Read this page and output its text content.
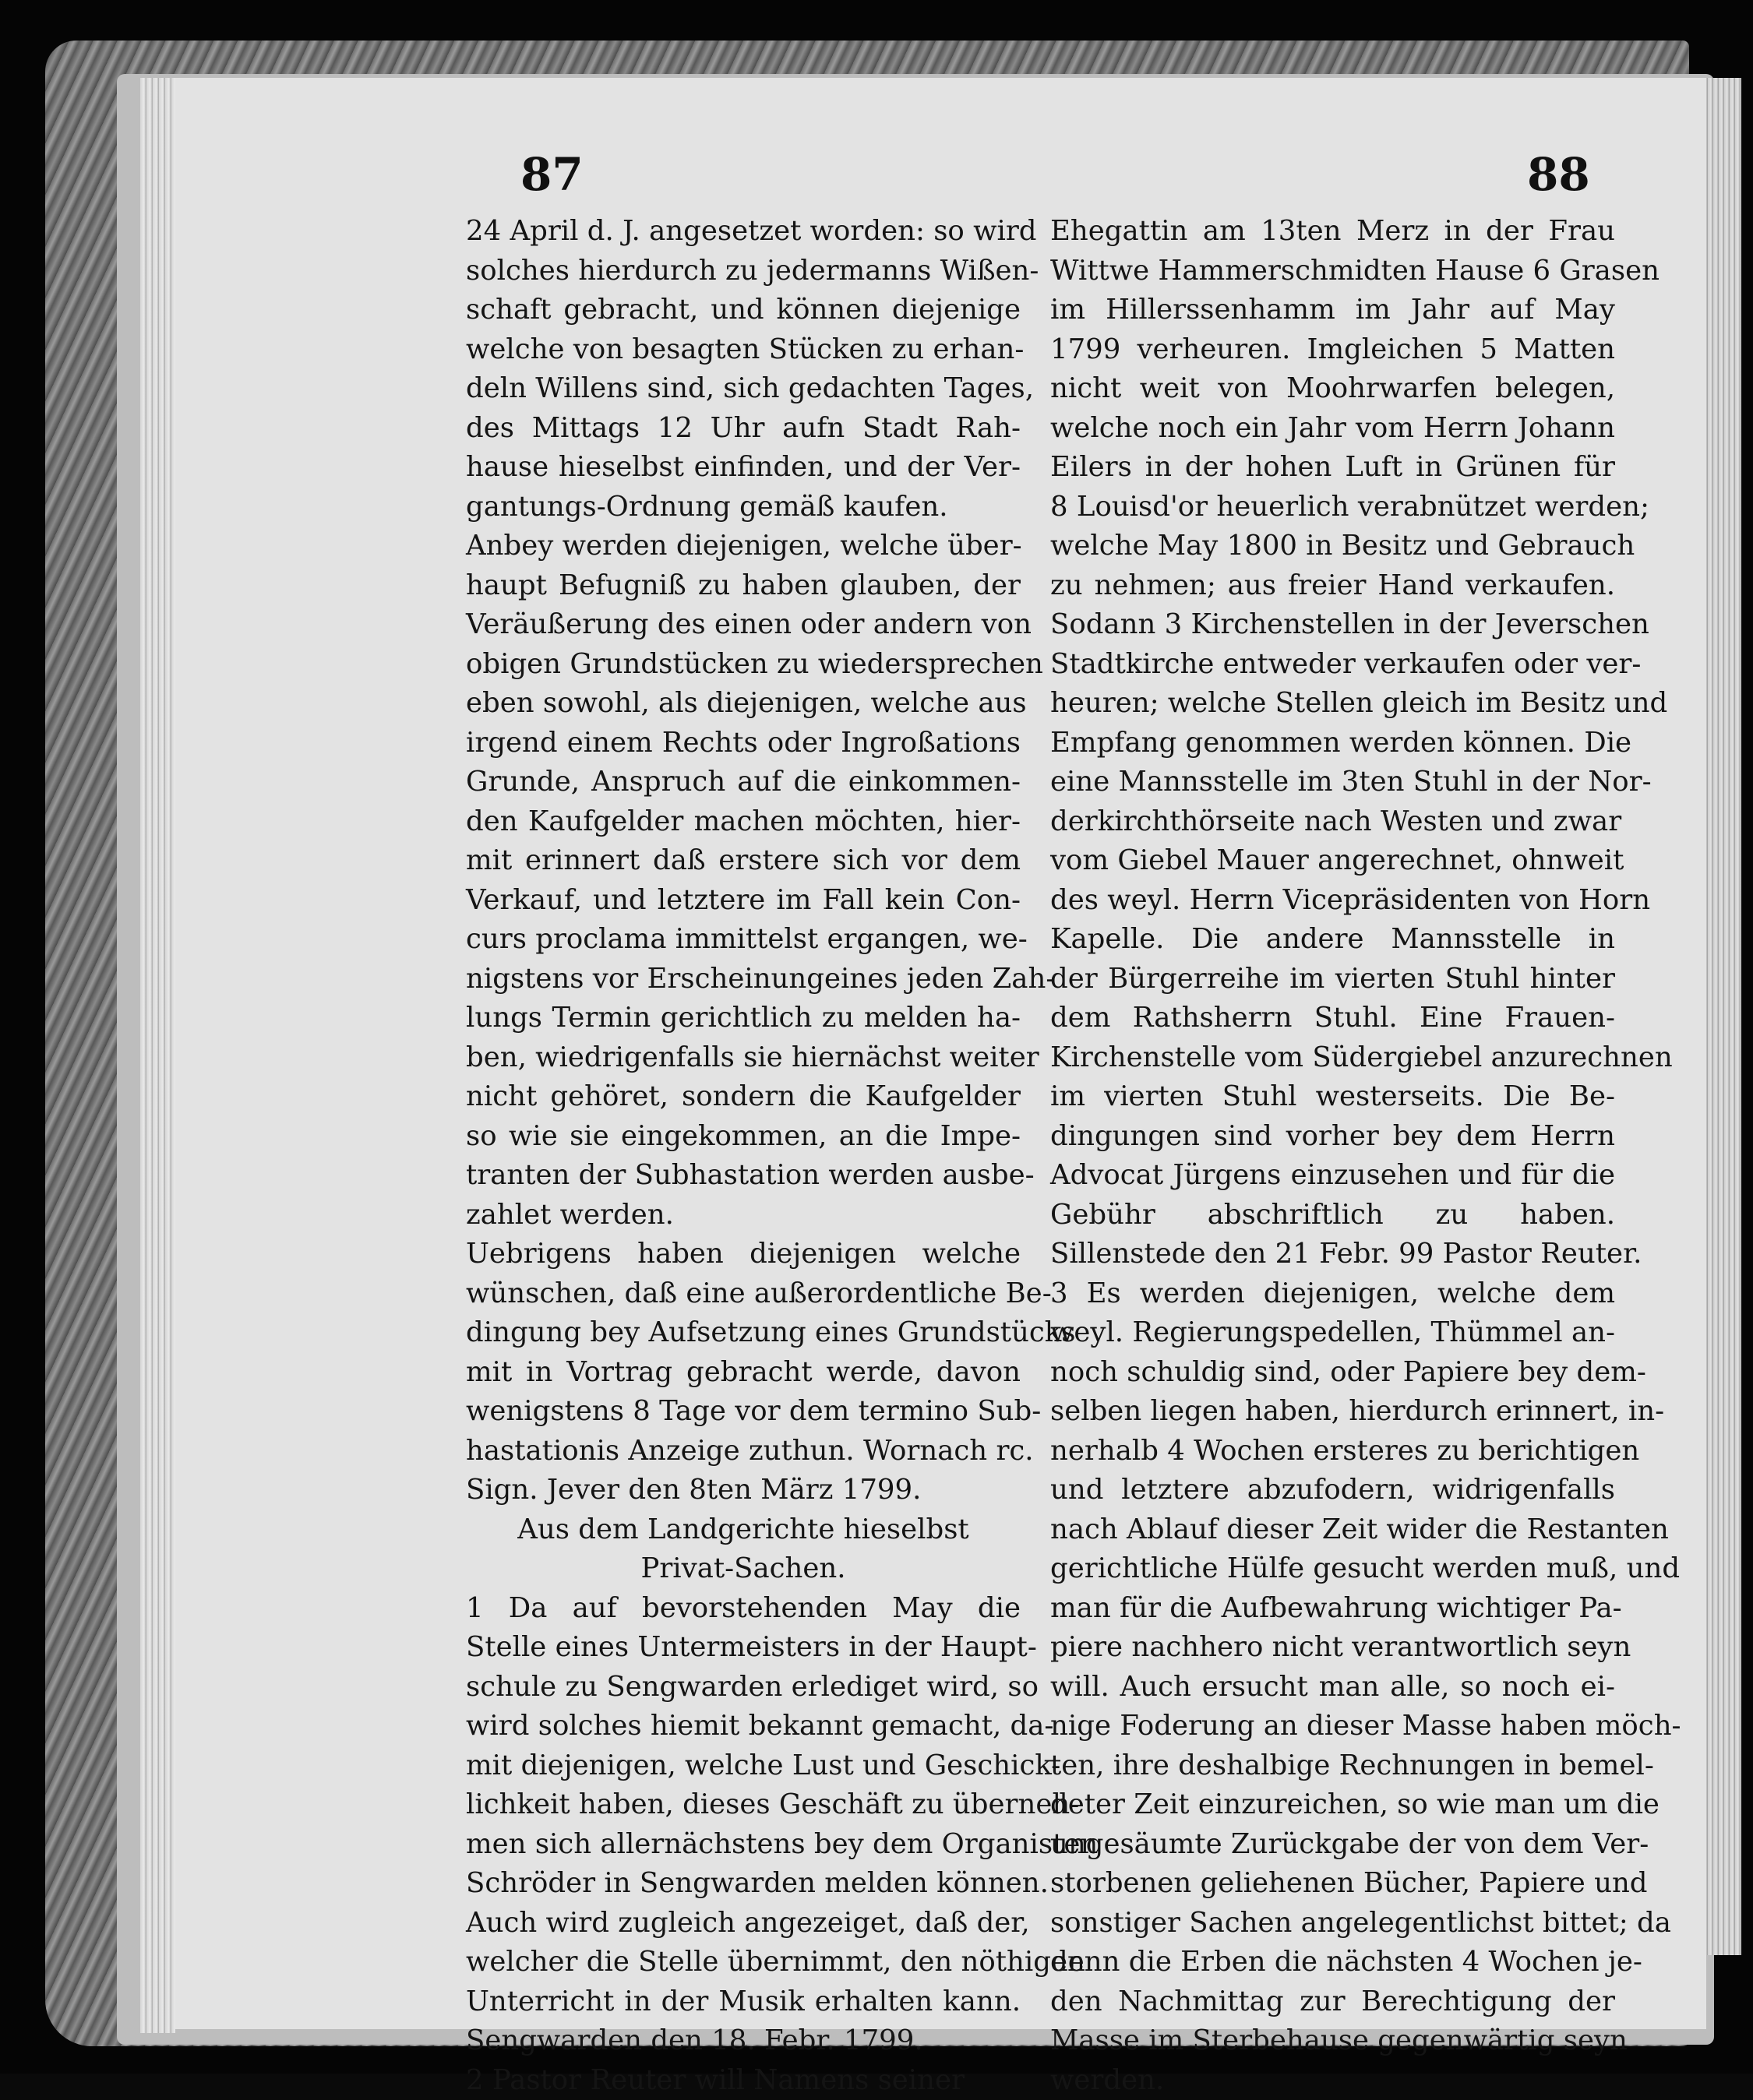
87	88

24 April d. J. angesetzet worden: so wird
solches hierdurch zu jedermanns Wißen-
schaft gebracht, und können diejenige
welche von besagten Stücken zu erhan-
deln Willens sind, sich gedachten Tages,
des Mittags 12 Uhr aufn Stadt Rah-
hause hieselbst einfinden, und der Ver-
gantungs-Ordnung gemäß kaufen.

Anbey werden diejenigen, welche über-
haupt Befugniß zu haben glauben, der
Veräußerung des einen oder andern von
obigen Grundstücken zu wiedersprechen
eben sowohl, als diejenigen, welche aus
irgend einem Rechts oder Ingroßations
Grunde, Anspruch auf die einkommen-
den Kaufgelder machen möchten, hier-
mit erinnert daß erstere sich vor dem
Verkauf, und letztere im Fall kein Con-
curs proclama immittelst ergangen, we-
nigstens vor Erscheinungeines jeden Zah-
lungs Termin gerichtlich zu melden ha-
ben, wiedrigenfalls sie hiernächst weiter
nicht gehöret, sondern die Kaufgelder
so wie sie eingekommen, an die Impe-
tranten der Subhastation werden ausbe-
zahlet werden.

Uebrigens haben diejenigen welche
wünschen, daß eine außerordentliche Be-
dingung bey Aufsetzung eines Grundstücks
mit in Vortrag gebracht werde, davon
wenigstens 8 Tage vor dem termino Sub-
hastationis Anzeige zuthun. Wornach rc.
Sign. Jever den 8ten März 1799.

Aus dem Landgerichte hieselbst
Privat-Sachen.

1 Da auf bevorstehenden May die
Stelle eines Untermeisters in der Haupt-
schule zu Sengwarden erlediget wird, so
wird solches hiemit bekannt gemacht, da-
mit diejenigen, welche Lust und Geschick-
lichkeit haben, dieses Geschäft zu überneh-
men sich allernächstens bey dem Organisten
Schröder in Sengwarden melden können.
Auch wird zugleich angezeiget, daß der,
welcher die Stelle übernimmt, den nöthigen
Unterricht in der Musik erhalten kann.
Sengwarden den 18. Febr. 1799.

2 Pastor Reuter will Namens seiner

Ehegattin am 13ten Merz in der Frau
Wittwe Hammerschmidten Hause 6 Grasen
im Hillerssenhamm im Jahr auf May
1799 verheuren. Imgleichen 5 Matten
nicht weit von Moohrwarfen belegen,
welche noch ein Jahr vom Herrn Johann
Eilers in der hohen Luft in Grünen für
8 Louisd'or heuerlich verabnützet werden;
welche May 1800 in Besitz und Gebrauch
zu nehmen; aus freier Hand verkaufen.
Sodann 3 Kirchenstellen in der Jeverschen
Stadtkirche entweder verkaufen oder ver-
heuren; welche Stellen gleich im Besitz und
Empfang genommen werden können. Die
eine Mannsstelle im 3ten Stuhl in der Nor-
derkirchthörseite nach Westen und zwar
vom Giebel Mauer angerechnet, ohnweit
des weyl. Herrn Vicepräsidenten von Horn
Kapelle. Die andere Mannsstelle in
der Bürgerreihe im vierten Stuhl hinter
dem Rathsherrn Stuhl. Eine Frauen-
Kirchenstelle vom Südergiebel anzurechnen
im vierten Stuhl westerseits. Die Be-
dingungen sind vorher bey dem Herrn
Advocat Jürgens einzusehen und für die
Gebühr abschriftlich zu haben.
Sillenstede den 21 Febr. 99 Pastor Reuter.

3 Es werden diejenigen, welche dem
weyl. Regierungspedellen, Thümmel an-
noch schuldig sind, oder Papiere bey dem-
selben liegen haben, hierdurch erinnert, in-
nerhalb 4 Wochen ersteres zu berichtigen
und letztere abzufodern, widrigenfalls
nach Ablauf dieser Zeit wider die Restanten
gerichtliche Hülfe gesucht werden muß, und
man für die Aufbewahrung wichtiger Pa-
piere nachhero nicht verantwortlich seyn
will. Auch ersucht man alle, so noch ei-
nige Foderung an dieser Masse haben möch-
ten, ihre deshalbige Rechnungen in bemel-
deter Zeit einzureichen, so wie man um die
ungesäumte Zurückgabe der von dem Ver-
storbenen geliehenen Bücher, Papiere und
sonstiger Sachen angelegentlichst bittet; da
denn die Erben die nächsten 4 Wochen je-
den Nachmittag zur Berechtigung der
Masse im Sterbehause gegenwärtig seyn
werden.
